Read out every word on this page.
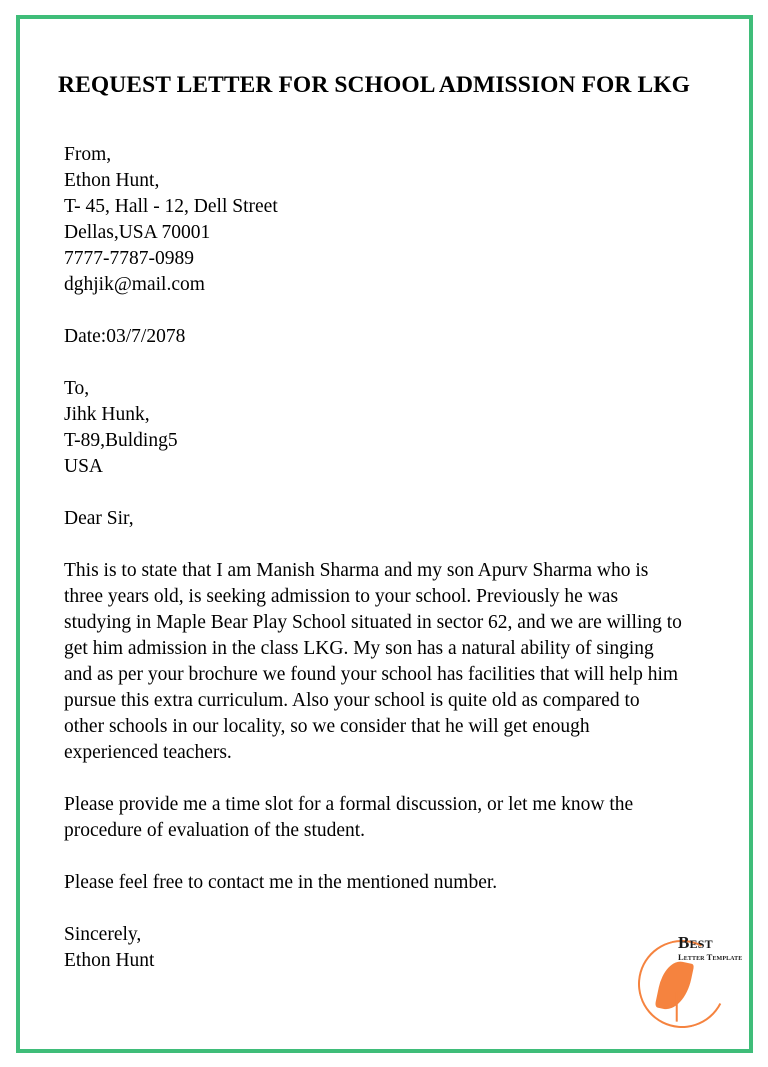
REQUEST LETTER FOR SCHOOL ADMISSION FOR LKG
From,
Ethon Hunt,
T- 45, Hall - 12, Dell Street
Dellas,USA 70001
7777-7787-0989
dghjik@mail.com
Date:03/7/2078
To,
Jihk Hunk,
T-89,Bulding5
USA
Dear Sir,

This is to state that I am Manish Sharma and my son Apurv Sharma who is three years old, is seeking admission to your school. Previously he was studying in Maple Bear Play School situated in sector 62, and we are willing to get him admission in the class LKG. My son has a natural ability of singing and as per your brochure we found your school has facilities that will help him pursue this extra curriculum. Also your school is quite old as compared to other schools in our locality, so we consider that he will get enough experienced teachers.

Please provide me a time slot for a formal discussion, or let me know the procedure of evaluation of the student.

Please feel free to contact me in the mentioned number.

Sincerely,
Ethon Hunt
Best
Letter Template
